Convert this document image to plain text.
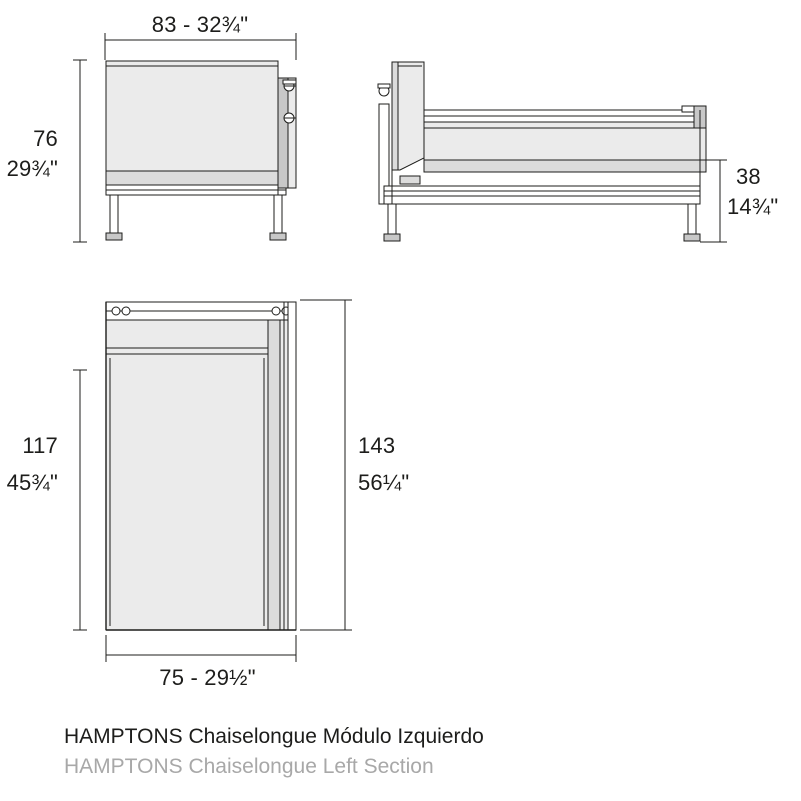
83 - 32¾"
76
29¾"	38
14¾"
117
45¾"
143
56¼"
75 - 29½"
HAMPTONS Chaiselongue Módulo Izquierdo
HAMPTONS Chaiselongue Left Section
